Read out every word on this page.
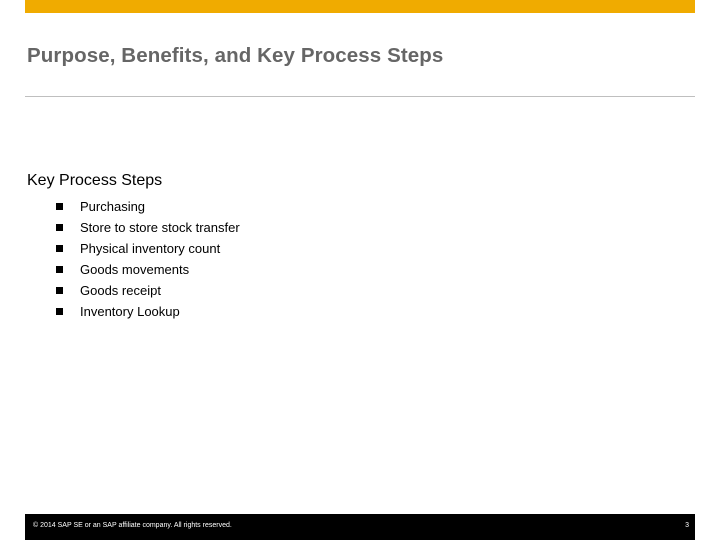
Purpose, Benefits, and Key Process Steps
Key Process Steps
Purchasing
Store to store stock transfer
Physical inventory count
Goods movements
Goods receipt
Inventory Lookup
© 2014 SAP SE or an SAP affiliate company. All rights reserved.	3
